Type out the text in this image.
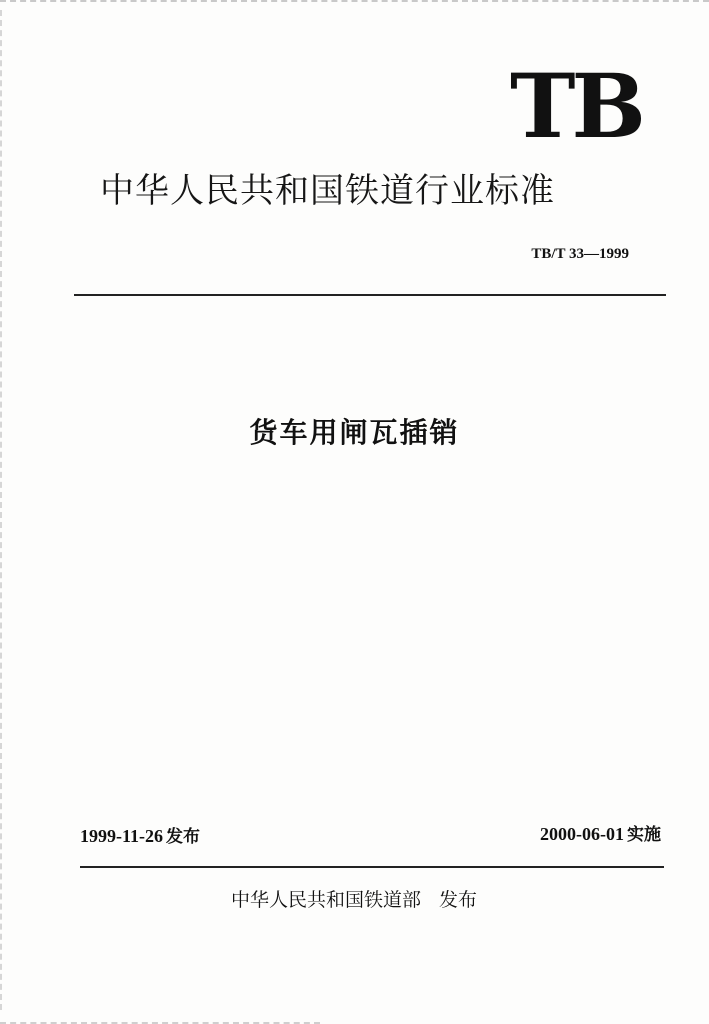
TB
中华人民共和国铁道行业标准
TB/T 33—1999
货车用闸瓦插销
1999-11-26 发布	2000-06-01 实施
中华人民共和国铁道部 发布
